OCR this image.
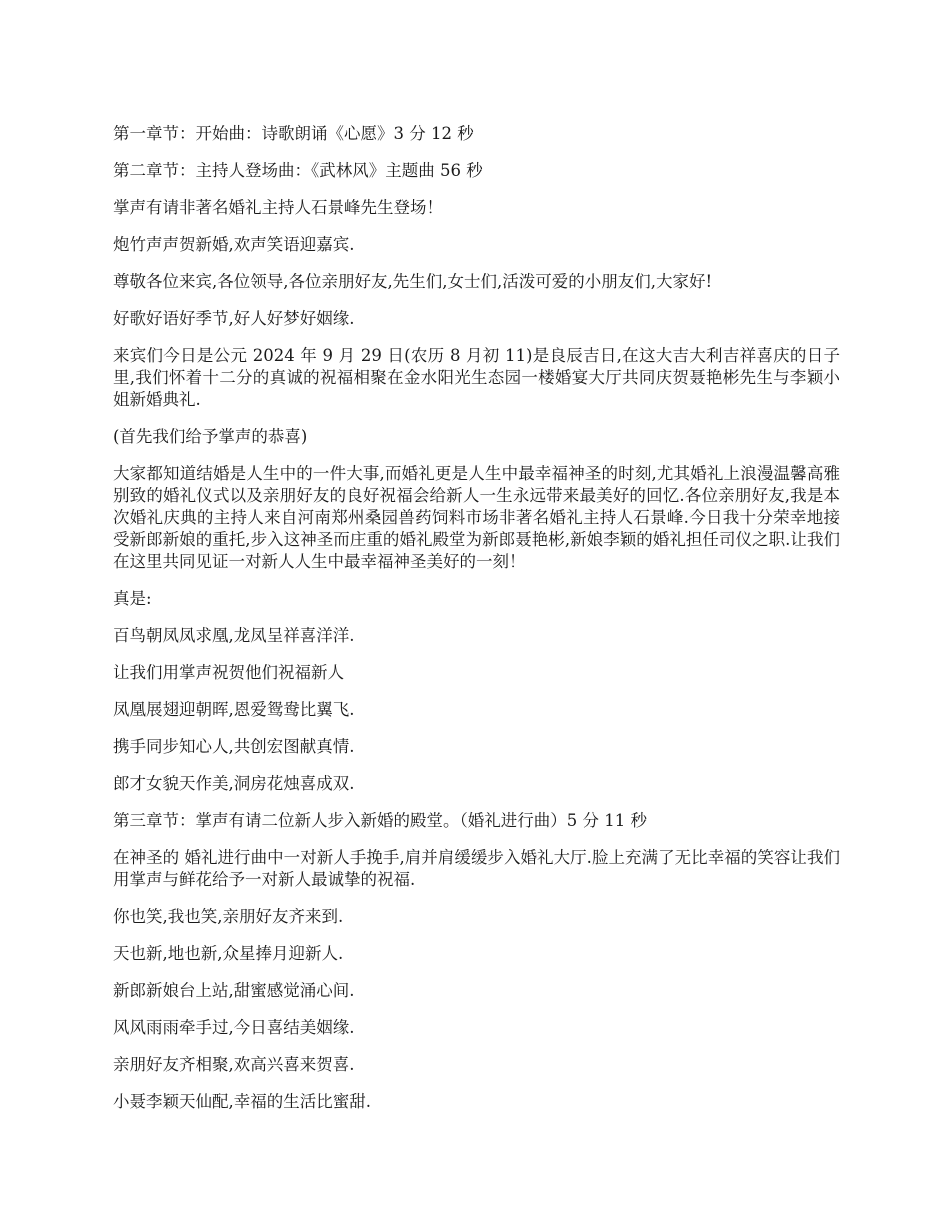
第一章节：开始曲：诗歌朗诵《心愿》3 分 12 秒

第二章节：主持人登场曲：《武林风》主题曲 56 秒

掌声有请非著名婚礼主持人石景峰先生登场！

炮竹声声贺新婚,欢声笑语迎嘉宾.

尊敬各位来宾,各位领导,各位亲朋好友,先生们,女士们,活泼可爱的小朋友们,大家好!

好歌好语好季节,好人好梦好姻缘.

来宾们今日是公元 2024 年 9 月 29 日(农历 8 月初 11)是良辰吉日,在这大吉大利吉祥喜庆的日子里,我们怀着十二分的真诚的祝福相聚在金水阳光生态园一楼婚宴大厅共同庆贺聂艳彬先生与李颖小姐新婚典礼.

(首先我们给予掌声的恭喜)

大家都知道结婚是人生中的一件大事,而婚礼更是人生中最幸福神圣的时刻,尤其婚礼上浪漫温馨高雅别致的婚礼仪式以及亲朋好友的良好祝福会给新人一生永远带来最美好的回忆.各位亲朋好友,我是本次婚礼庆典的主持人来自河南郑州桑园兽药饲料市场非著名婚礼主持人石景峰.今日我十分荣幸地接受新郎新娘的重托,步入这神圣而庄重的婚礼殿堂为新郎聂艳彬,新娘李颖的婚礼担任司仪之职.让我们在这里共同见证一对新人人生中最幸福神圣美好的一刻！

真是:

百鸟朝凤凤求凰,龙凤呈祥喜洋洋.

让我们用掌声祝贺他们祝福新人

凤凰展翅迎朝晖,恩爱鸳鸯比翼飞.

携手同步知心人,共创宏图献真情.

郎才女貌天作美,洞房花烛喜成双.

第三章节：掌声有请二位新人步入新婚的殿堂。（婚礼进行曲）5 分 11 秒

在神圣的 婚礼进行曲中一对新人手挽手,肩并肩缓缓步入婚礼大厅.脸上充满了无比幸福的笑容让我们用掌声与鲜花给予一对新人最诚挚的祝福.

你也笑,我也笑,亲朋好友齐来到.

天也新,地也新,众星捧月迎新人.

新郎新娘台上站,甜蜜感觉涌心间.

风风雨雨牵手过,今日喜结美姻缘.

亲朋好友齐相聚,欢高兴喜来贺喜.

小聂李颖天仙配,幸福的生活比蜜甜.
